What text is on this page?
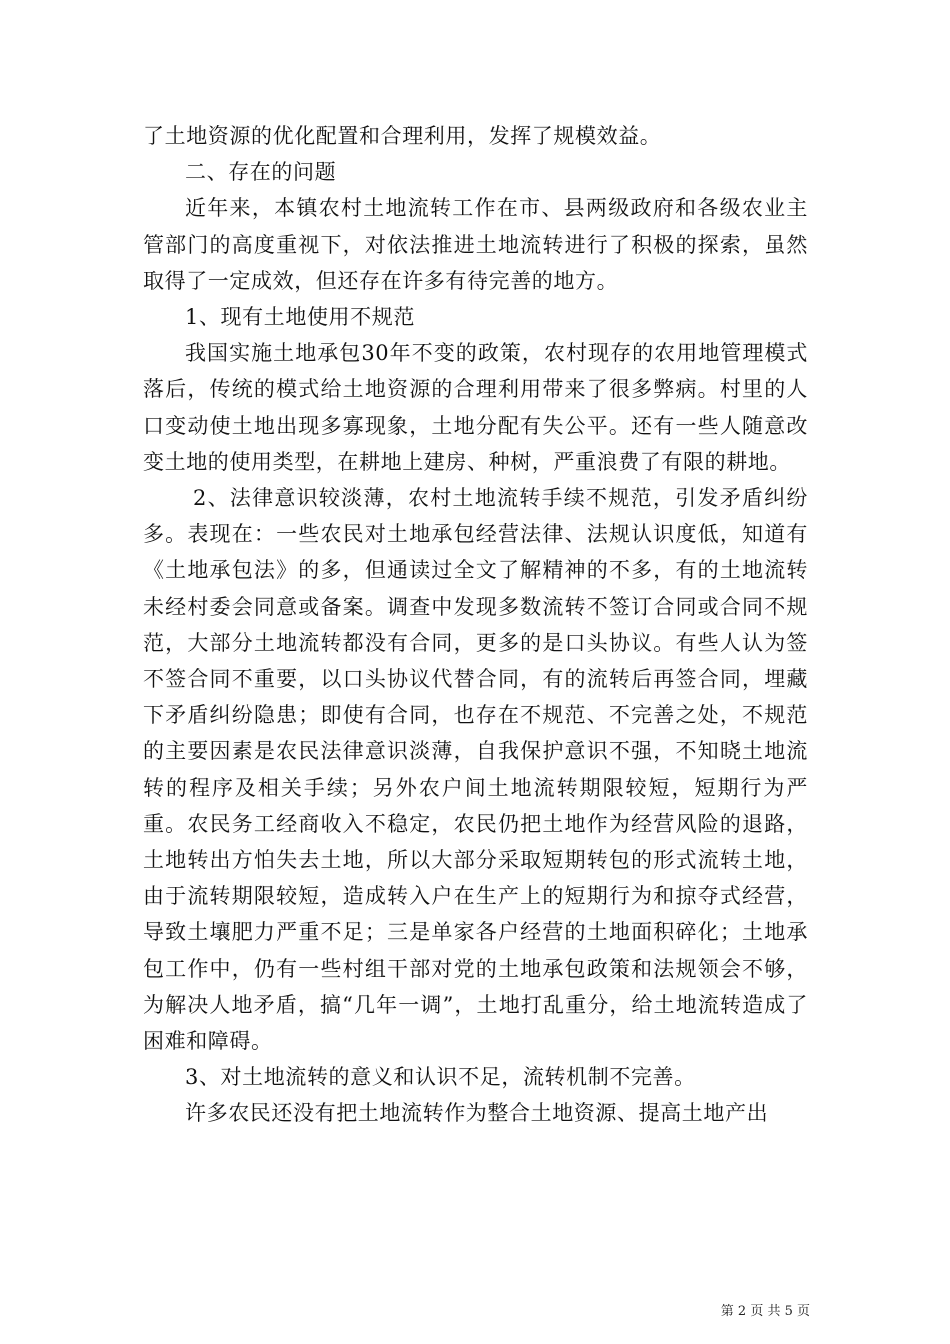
了土地资源的优化配置和合理利用，发挥了规模效益。

二、存在的问题

近年来，本镇农村土地流转工作在市、县两级政府和各级农业主管部门的高度重视下，对依法推进土地流转进行了积极的探索，虽然取得了一定成效，但还存在许多有待完善的地方。

1、现有土地使用不规范

我国实施土地承包30年不变的政策，农村现存的农用地管理模式落后，传统的模式给土地资源的合理利用带来了很多弊病。村里的人口变动使土地出现多寡现象，土地分配有失公平。还有一些人随意改变土地的使用类型，在耕地上建房、种树，严重浪费了有限的耕地。

2、法律意识较淡薄，农村土地流转手续不规范，引发矛盾纠纷多。表现在：一些农民对土地承包经营法律、法规认识度低，知道有《土地承包法》的多，但通读过全文了解精神的不多，有的土地流转未经村委会同意或备案。调查中发现多数流转不签订合同或合同不规范，大部分土地流转都没有合同，更多的是口头协议。有些人认为签不签合同不重要，以口头协议代替合同，有的流转后再签合同，埋藏下矛盾纠纷隐患；即使有合同，也存在不规范、不完善之处，不规范的主要因素是农民法律意识淡薄，自我保护意识不强，不知晓土地流转的程序及相关手续；另外农户间土地流转期限较短，短期行为严重。农民务工经商收入不稳定，农民仍把土地作为经营风险的退路，土地转出方怕失去土地，所以大部分采取短期转包的形式流转土地，由于流转期限较短，造成转入户在生产上的短期行为和掠夺式经营，导致土壤肥力严重不足；三是单家各户经营的土地面积碎化；土地承包工作中，仍有一些村组干部对党的土地承包政策和法规领会不够，为解决人地矛盾，搞“几年一调”，土地打乱重分，给土地流转造成了困难和障碍。

3、对土地流转的意义和认识不足，流转机制不完善。

许多农民还没有把土地流转作为整合土地资源、提高土地产出

第 2 页 共 5 页
